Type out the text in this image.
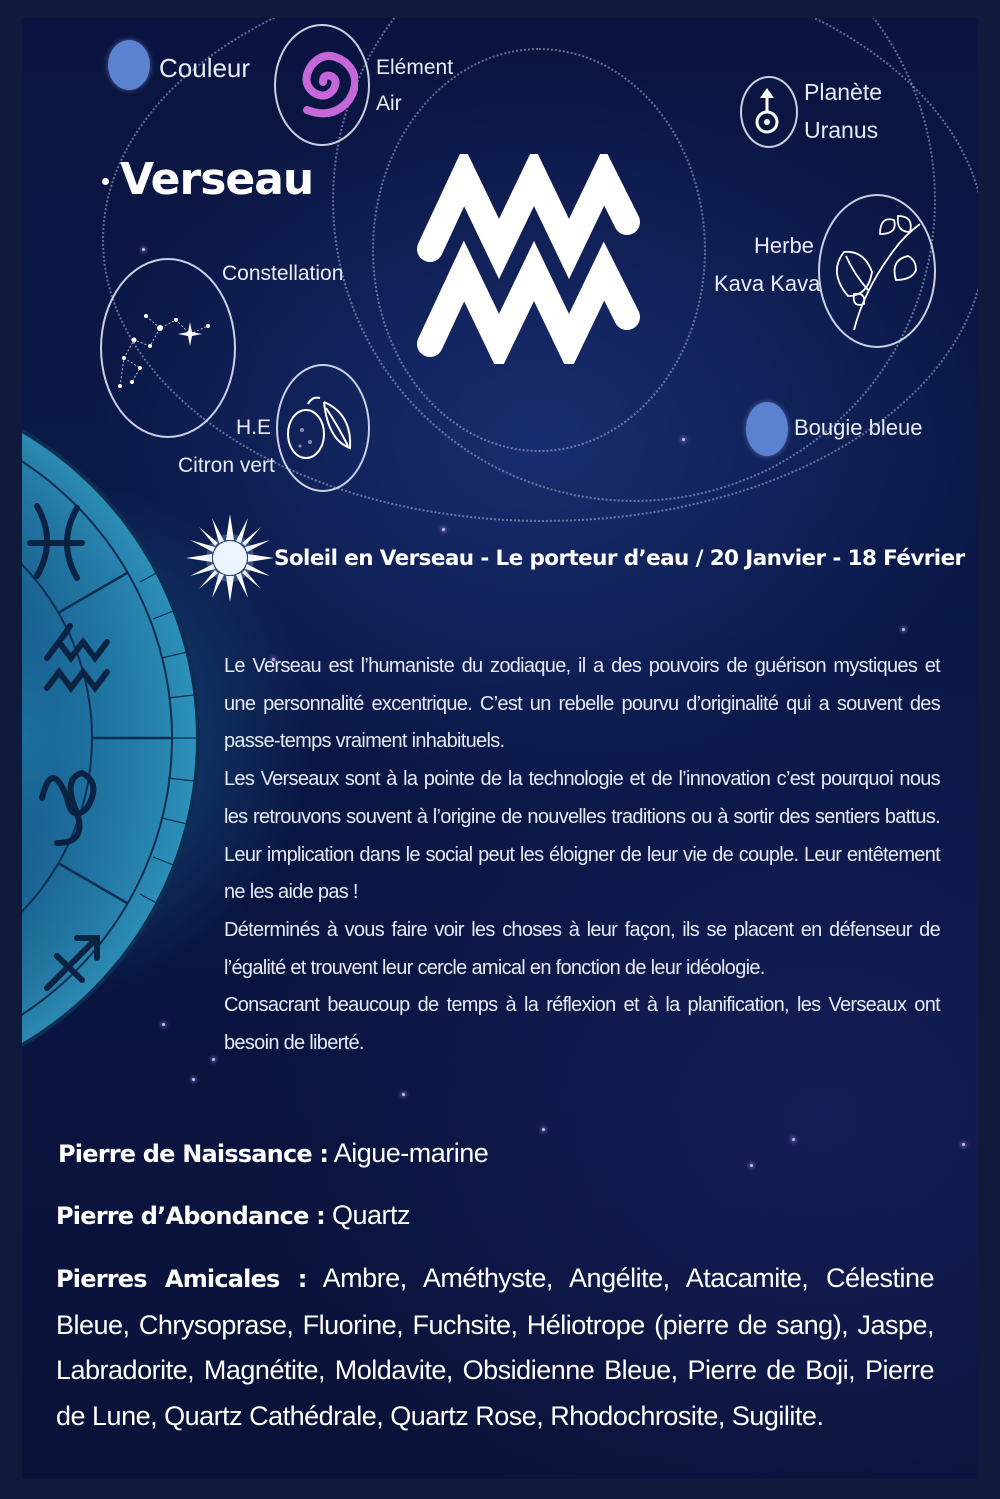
Couleur	Elément
Air	Planète
Uranus
Verseau
Constellation
H.E
Citron vert
Herbe
Kava Kava
Bougie bleue
Soleil en Verseau - Le porteur d’eau / 20 Janvier - 18 Février

Le Verseau est l’humaniste du zodiaque, il a des pouvoirs de guérison mystiques et une personnalité excentrique. C’est un rebelle pourvu d’originalité qui a souvent des passe-temps vraiment inhabituels.

Les Verseaux sont à la pointe de la technologie et de l’innovation c’est pourquoi nous les retrouvons souvent à l’origine de nouvelles traditions ou à sortir des sentiers battus. Leur implication dans le social peut les éloigner de leur vie de couple. Leur entêtement ne les aide pas !

Déterminés à vous faire voir les choses à leur façon, ils se placent en défenseur de l’égalité et trouvent leur cercle amical en fonction de leur idéologie.

Consacrant beaucoup de temps à la réflexion et à la planification, les Verseaux ont besoin de liberté.

Pierre de Naissance : Aigue-marine
Pierre d’Abondance : Quartz
Pierres Amicales : Ambre, Améthyste, Angélite, Atacamite, Célestine Bleue, Chrysoprase, Fluorine, Fuchsite, Héliotrope (pierre de sang), Jaspe, Labradorite, Magnétite, Moldavite, Obsidienne Bleue, Pierre de Boji, Pierre de Lune, Quartz Cathédrale, Quartz Rose, Rhodochrosite, Sugilite.
